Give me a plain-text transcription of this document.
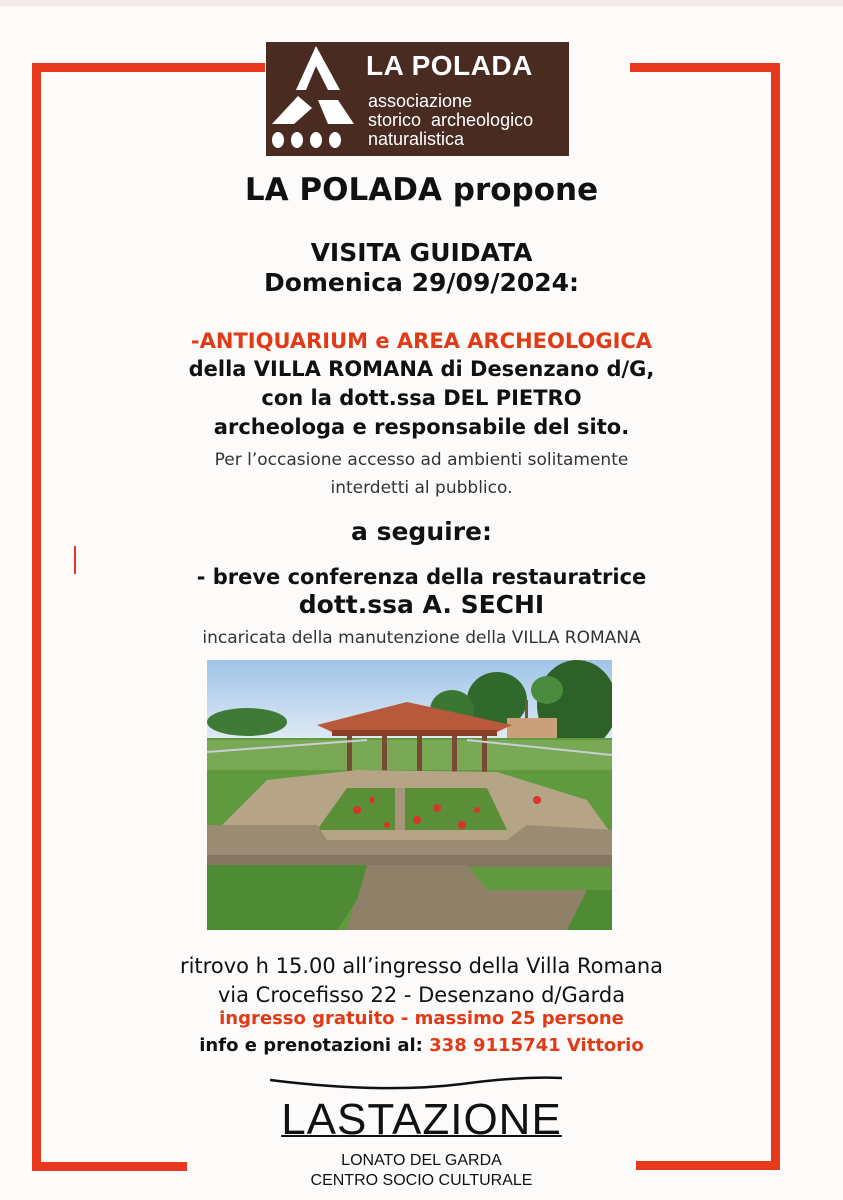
LA POLADA
associazione
storico  archeologico
naturalistica
LA POLADA propone
VISITA GUIDATA
Domenica 29/09/2024:
-ANTIQUARIUM e AREA ARCHEOLOGICA
della VILLA ROMANA di Desenzano d/G,
con la dott.ssa DEL PIETRO
archeologa e responsabile del sito.
Per l’occasione accesso ad ambienti solitamente
interdetti al pubblico.
a seguire:
- breve conferenza della restauratrice
dott.ssa A. SECHI
incaricata della manutenzione della VILLA ROMANA
ritrovo h 15.00 all’ingresso della Villa Romana
via Crocefisso 22 - Desenzano d/Garda
ingresso gratuito - massimo 25 persone
info e prenotazioni al: 338 9115741 Vittorio
LASTAZIONE
LONATO DEL GARDA
CENTRO SOCIO CULTURALE
